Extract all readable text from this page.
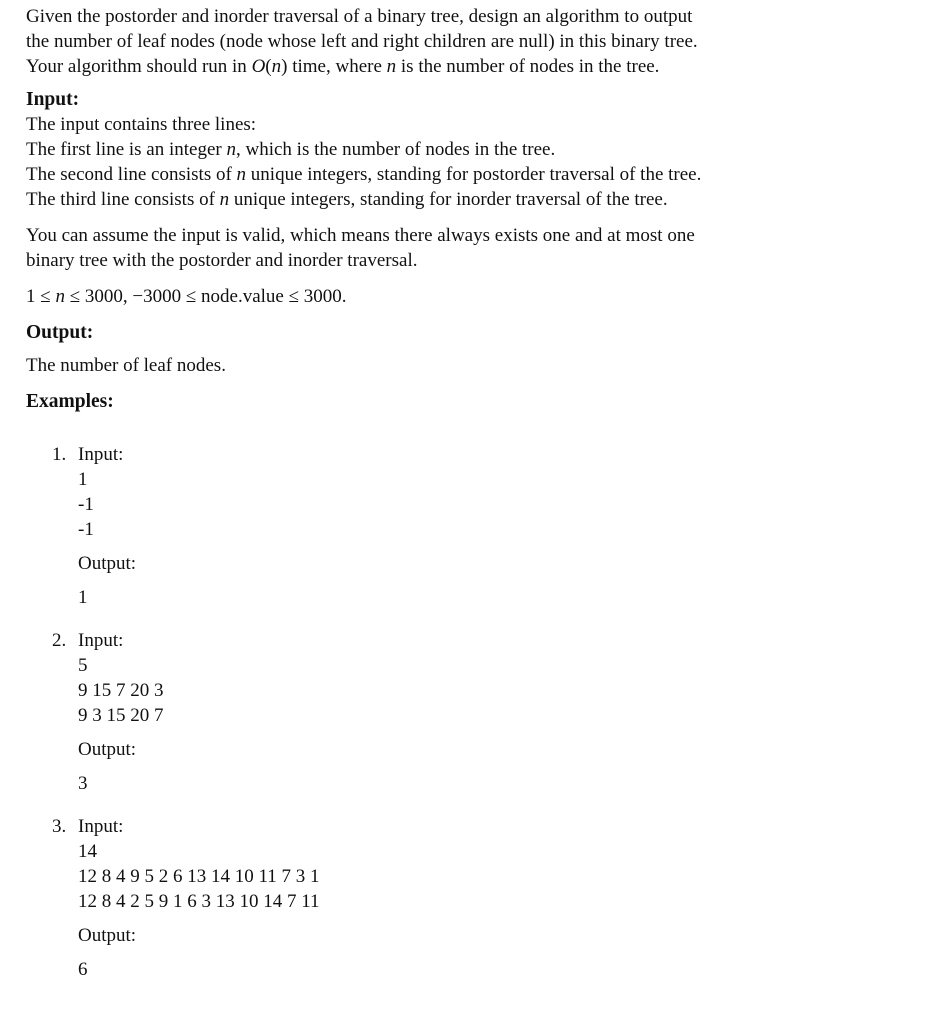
Given the postorder and inorder traversal of a binary tree, design an algorithm to output
the number of leaf nodes (node whose left and right children are null) in this binary tree.
Your algorithm should run in O(n) time, where n is the number of nodes in the tree.
Input:
The input contains three lines:
The first line is an integer n, which is the number of nodes in the tree.
The second line consists of n unique integers, standing for postorder traversal of the tree.
The third line consists of n unique integers, standing for inorder traversal of the tree.
You can assume the input is valid, which means there always exists one and at most one
binary tree with the postorder and inorder traversal.
1 ≤ n ≤ 3000, −3000 ≤ node.value ≤ 3000.
Output:
The number of leaf nodes.
Examples:
1. Input:
1
-1
-1
Output:
1
2. Input:
5
9 15 7 20 3
9 3 15 20 7
Output:
3
3. Input:
14
12 8 4 9 5 2 6 13 14 10 11 7 3 1
12 8 4 2 5 9 1 6 3 13 10 14 7 11
Output:
6
